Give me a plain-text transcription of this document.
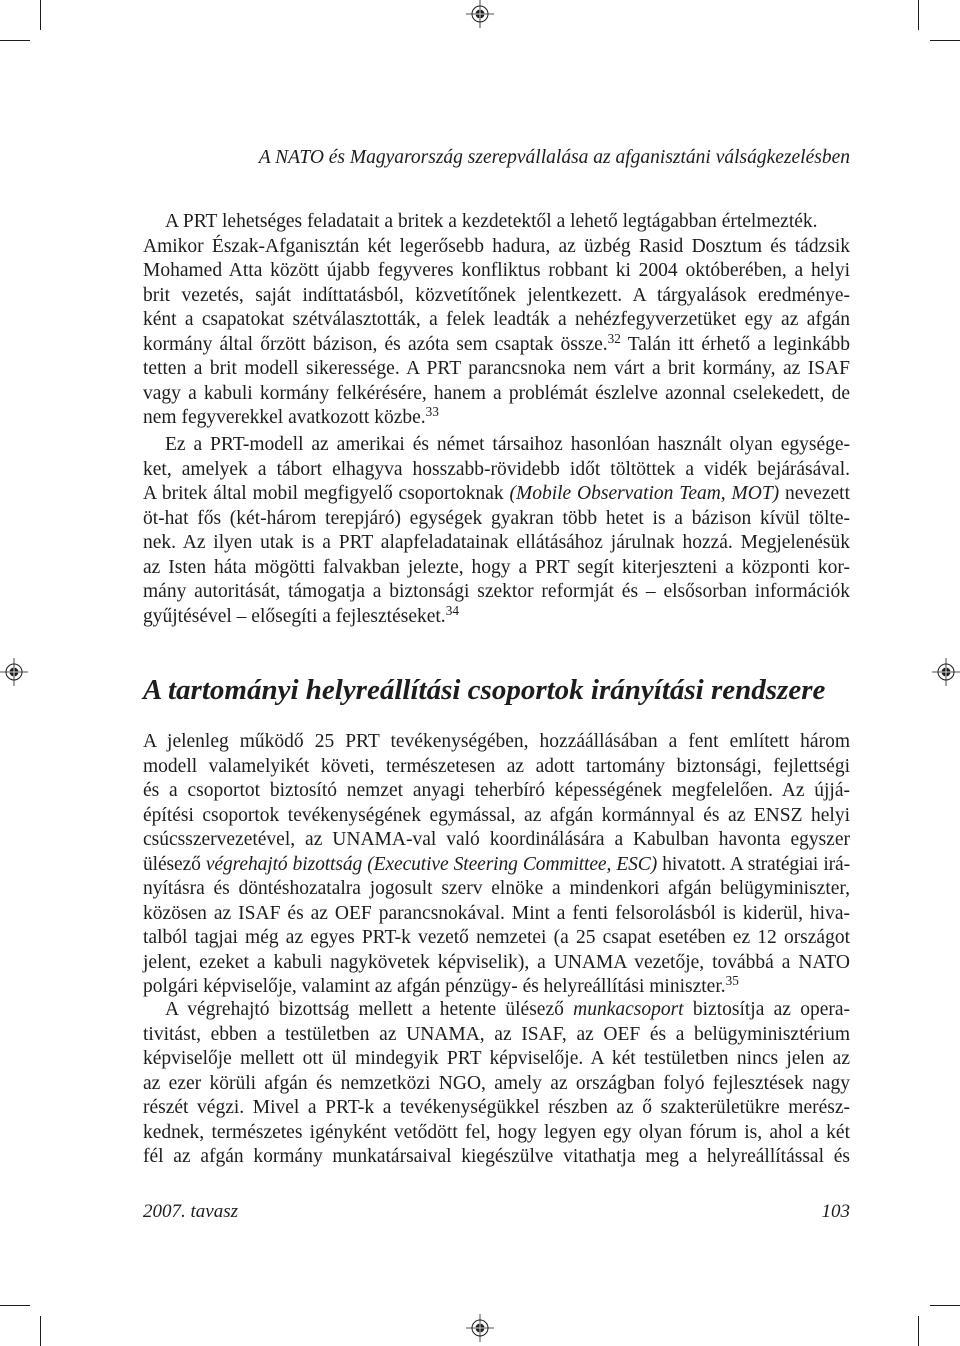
A NATO és Magyarország szerepvállalása az afganisztáni válságkezelésben
A PRT lehetséges feladatait a britek a kezdetektől a lehető legtágabban értelmezték.
Amikor Észak-Afganisztán két legerősebb hadura, az üzbég Rasid Dosztum és tádzsik
Mohamed Atta között újabb fegyveres konfliktus robbant ki 2004 októberében, a helyi
brit vezetés, saját indíttatásból, közvetítőnek jelentkezett. A tárgyalások eredménye-
ként a csapatokat szétválasztották, a felek leadták a nehézfegyverzetüket egy az afgán
kormány által őrzött bázison, és azóta sem csaptak össze.$^{32}$ Talán itt érhető a leginkább
tetten a brit modell sikeressége. A PRT parancsnoka nem várt a brit kormány, az ISAF
vagy a kabuli kormány felkérésére, hanem a problémát észlelve azonnal cselekedett, de
nem fegyverekkel avatkozott közbe.$^{33}$
Ez a PRT-modell az amerikai és német társaihoz hasonlóan használt olyan egysége-
ket, amelyek a tábort elhagyva hosszabb-rövidebb időt töltöttek a vidék bejárásával.
A britek által mobil megfigyelő csoportoknak (Mobile Observation Team, MOT) nevezett
öt-hat fős (két-három terepjáró) egységek gyakran több hetet is a bázison kívül tölte-
nek. Az ilyen utak is a PRT alapfeladatainak ellátásához járulnak hozzá. Megjelenésük
az Isten háta mögötti falvakban jelezte, hogy a PRT segít kiterjeszteni a központi kor-
mány autoritását, támogatja a biztonsági szektor reformját és – elsősorban információk
gyűjtésével – elősegíti a fejlesztéseket.$^{34}$
A tartományi helyreállítási csoportok irányítási rendszere
A jelenleg működő 25 PRT tevékenységében, hozzáállásában a fent említett három
modell valamelyikét követi, természetesen az adott tartomány biztonsági, fejlettségi
és a csoportot biztosító nemzet anyagi teherbíró képességének megfelelően. Az újjá-
építési csoportok tevékenységének egymással, az afgán kormánnyal és az ENSZ helyi
csúcsszervezetével, az UNAMA-val való koordinálására a Kabulban havonta egyszer
ülésező végrehajtó bizottság (Executive Steering Committee, ESC) hivatott. A stratégiai irá-
nyításra és döntéshozatalra jogosult szerv elnöke a mindenkori afgán belügyminiszter,
közösen az ISAF és az OEF parancsnokával. Mint a fenti felsorolásból is kiderül, hiva-
talból tagjai még az egyes PRT-k vezető nemzetei (a 25 csapat esetében ez 12 országot
jelent, ezeket a kabuli nagykövetek képviselik), a UNAMA vezetője, továbbá a NATO
polgári képviselője, valamint az afgán pénzügy- és helyreállítási miniszter.$^{35}$
A végrehajtó bizottság mellett a hetente ülésező munkacsoport biztosítja az opera-
tivitást, ebben a testületben az UNAMA, az ISAF, az OEF és a belügyminisztérium
képviselője mellett ott ül mindegyik PRT képviselője. A két testületben nincs jelen az
az ezer körüli afgán és nemzetközi NGO, amely az országban folyó fejlesztések nagy
részét végzi. Mivel a PRT-k a tevékenységükkel részben az ő szakterületükre merész-
kednek, természetes igényként vetődött fel, hogy legyen egy olyan fórum is, ahol a két
fél az afgán kormány munkatársaival kiegészülve vitathatja meg a helyreállítással és
2007. tavasz	103
